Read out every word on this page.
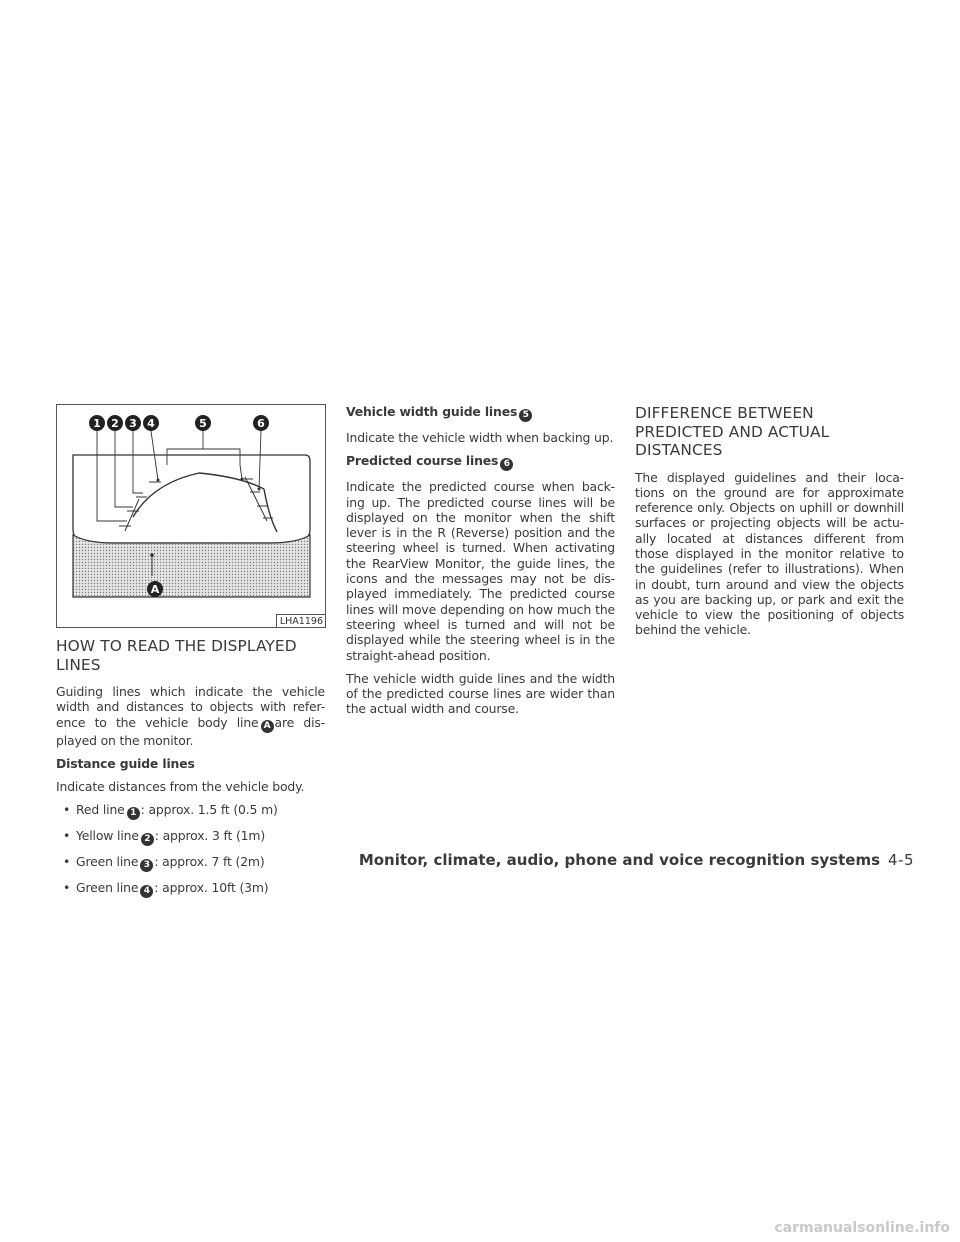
1 2 3 4	5	6
A
LHA1196
HOW TO READ THE DISPLAYED LINES

Guiding lines which indicate the vehicle width and distances to objects with refer- ence to the vehicle body line A are dis- played on the monitor.

Distance guide lines

Indicate distances from the vehicle body.

• Red line 1 : approx. 1.5 ft (0.5 m)
• Yellow line 2 : approx. 3 ft (1m)
• Green line 3 : approx. 7 ft (2m)
• Green line 4 : approx. 10ft (3m)
Vehicle width guide lines 5

Indicate the vehicle width when backing up.

Predicted course lines 6

Indicate the predicted course when back- ing up. The predicted course lines will be displayed on the monitor when the shift lever is in the R (Reverse) position and the steering wheel is turned. When activating the RearView Monitor, the guide lines, the icons and the messages may not be dis- played immediately. The predicted course lines will move depending on how much the steering wheel is turned and will not be displayed while the steering wheel is in the straight-ahead position.

The vehicle width guide lines and the width of the predicted course lines are wider than the actual width and course.

DIFFERENCE BETWEEN PREDICTED AND ACTUAL DISTANCES

The displayed guidelines and their loca- tions on the ground are for approximate reference only. Objects on uphill or downhill surfaces or projecting objects will be actu- ally located at distances different from those displayed in the monitor relative to the guidelines (refer to illustrations). When in doubt, turn around and view the objects as you are backing up, or park and exit the vehicle to view the positioning of objects behind the vehicle.

Monitor, climate, audio, phone and voice recognition systems 4-5
carmanualsonline.info
